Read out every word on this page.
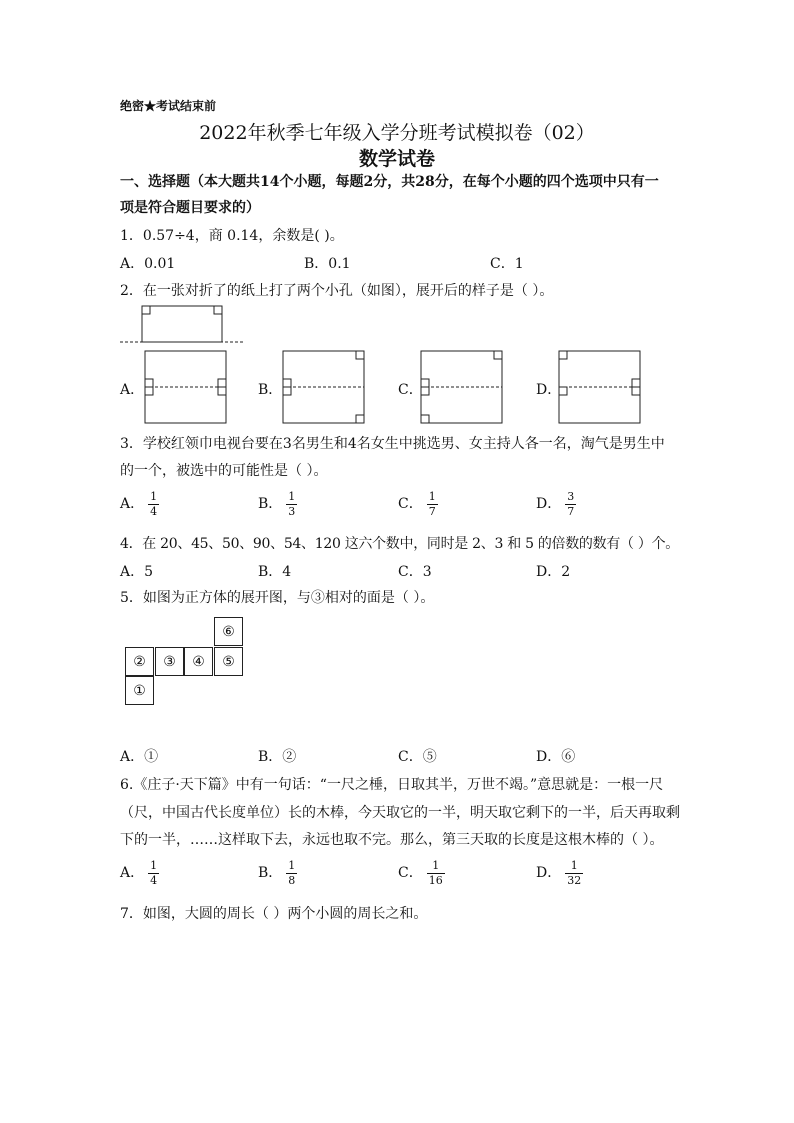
绝密★考试结束前
2022年秋季七年级入学分班考试模拟卷（02）
数学试卷
一、选择题（本大题共14个小题，每题2分，共28分，在每个小题的四个选项中只有一
项是符合题目要求的）
1．0.57÷4，商 0.14，余数是( )。
A．0.01	B．0.1	C．1
2．在一张对折了的纸上打了两个小孔（如图），展开后的样子是（ ）。
A．	B．	C．	D．
3．学校红领巾电视台要在3名男生和4名女生中挑选男、女主持人各一名，淘气是男生中
的一个，被选中的可能性是（ ）。
A． $\frac{1}{4}$	B． $\frac{1}{3}$	C． $\frac{1}{7}$	D． $\frac{3}{7}$
4．在 20、45、50、90、54、120 这六个数中，同时是 2、3 和 5 的倍数的数有（ ）个。
A．5	B．4	C．3	D．2
5．如图为正方体的展开图，与③相对的面是（ ）。
⑥
②	③	④	⑤
①
A．①	B．②	C．⑤	D．⑥
6.《庄子·天下篇》中有一句话：“一尺之棰，日取其半，万世不竭。”意思就是：一根一尺
（尺，中国古代长度单位）长的木棒，今天取它的一半，明天取它剩下的一半，后天再取剩
下的一半，……这样取下去，永远也取不完。那么，第三天取的长度是这根木棒的（ ）。
A． $\frac{1}{4}$	B． $\frac{1}{8}$	C． $\frac{1}{16}$	D． $\frac{1}{32}$
7．如图，大圆的周长（ ）两个小圆的周长之和。
